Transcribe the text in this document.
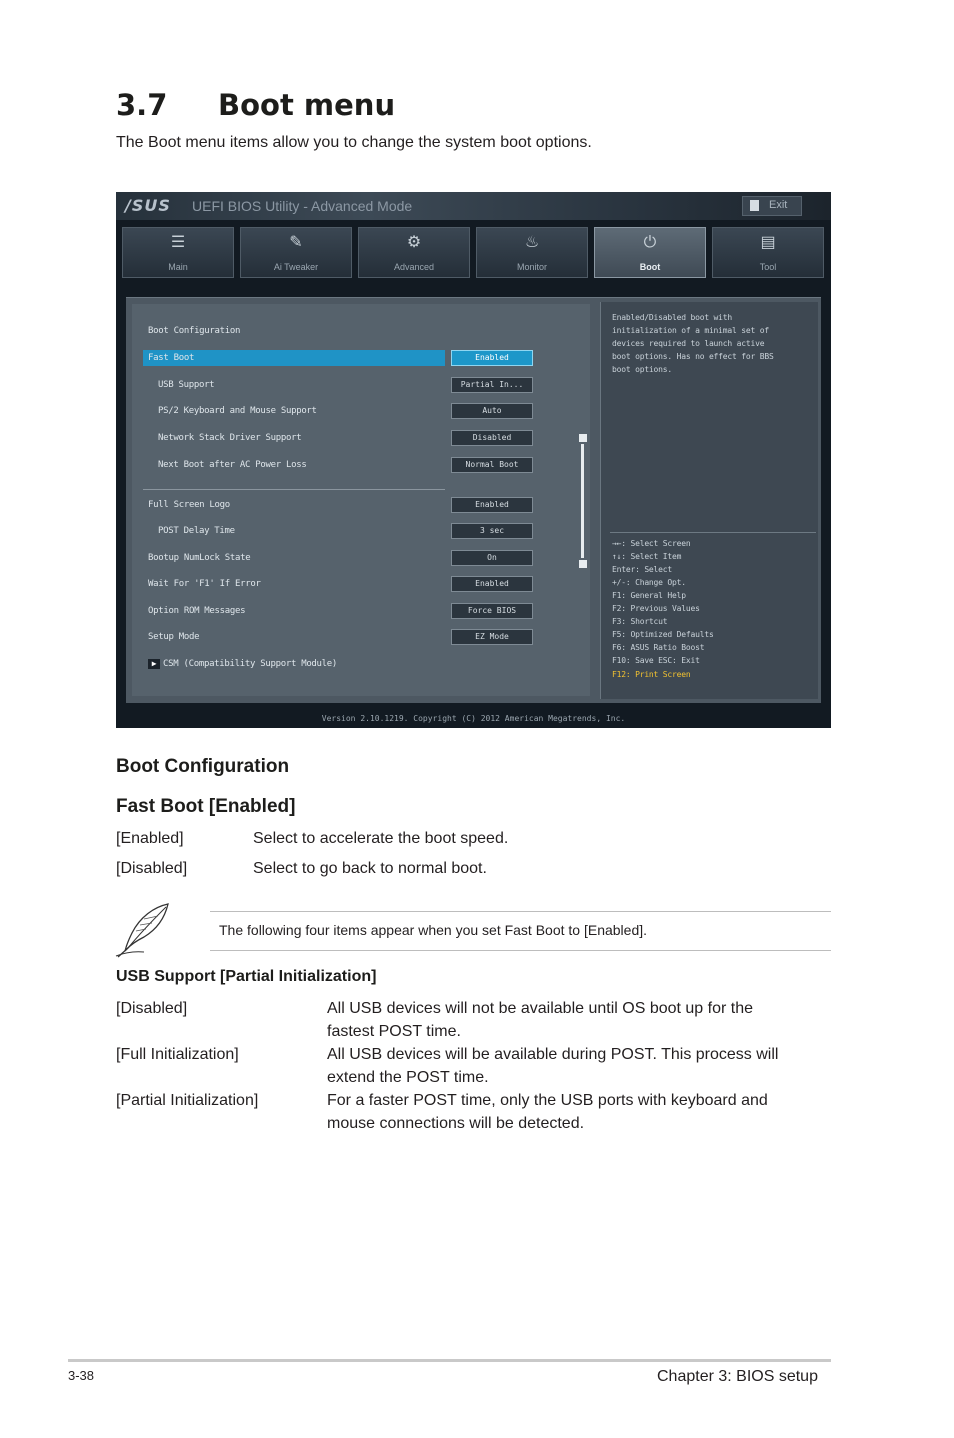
3.7 Boot menu
The Boot menu items allow you to change the system boot options.
/SUS UEFI BIOS Utility - Advanced Mode	Exit
☰
Main
✎
Ai Tweaker
⚙
Advanced
♨
Monitor
⏻
Boot
▤
Tool
Boot Configuration
Fast Boot	Enabled
USB Support	Partial In...
PS/2 Keyboard and Mouse Support	Auto
Network Stack Driver Support	Disabled
Next Boot after AC Power Loss	Normal Boot
Full Screen Logo	Enabled
POST Delay Time	3 sec
Bootup NumLock State	On
Wait For 'F1' If Error	Enabled
Option ROM Messages	Force BIOS
Setup Mode	EZ Mode
▶ CSM (Compatibility Support Module)
Enabled/Disabled boot with
initialization of a minimal set of
devices required to launch active
boot options. Has no effect for BBS
boot options.
→←: Select Screen
↑↓: Select Item
Enter: Select
+/-: Change Opt.
F1: General Help
F2: Previous Values
F3: Shortcut
F5: Optimized Defaults
F6: ASUS Ratio Boost
F10: Save ESC: Exit
F12: Print Screen
Version 2.10.1219. Copyright (C) 2012 American Megatrends, Inc.
Boot Configuration
Fast Boot [Enabled]
[Enabled]	Select to accelerate the boot speed.
[Disabled]	Select to go back to normal boot.
The following four items appear when you set Fast Boot to [Enabled].
USB Support [Partial Initialization]
[Disabled]	All USB devices will not be available until OS boot up for the
fastest POST time.
[Full Initialization]	All USB devices will be available during POST. This process will
extend the POST time.
[Partial Initialization]	For a faster POST time, only the USB ports with keyboard and
mouse connections will be detected.
3-38	Chapter 3: BIOS setup
